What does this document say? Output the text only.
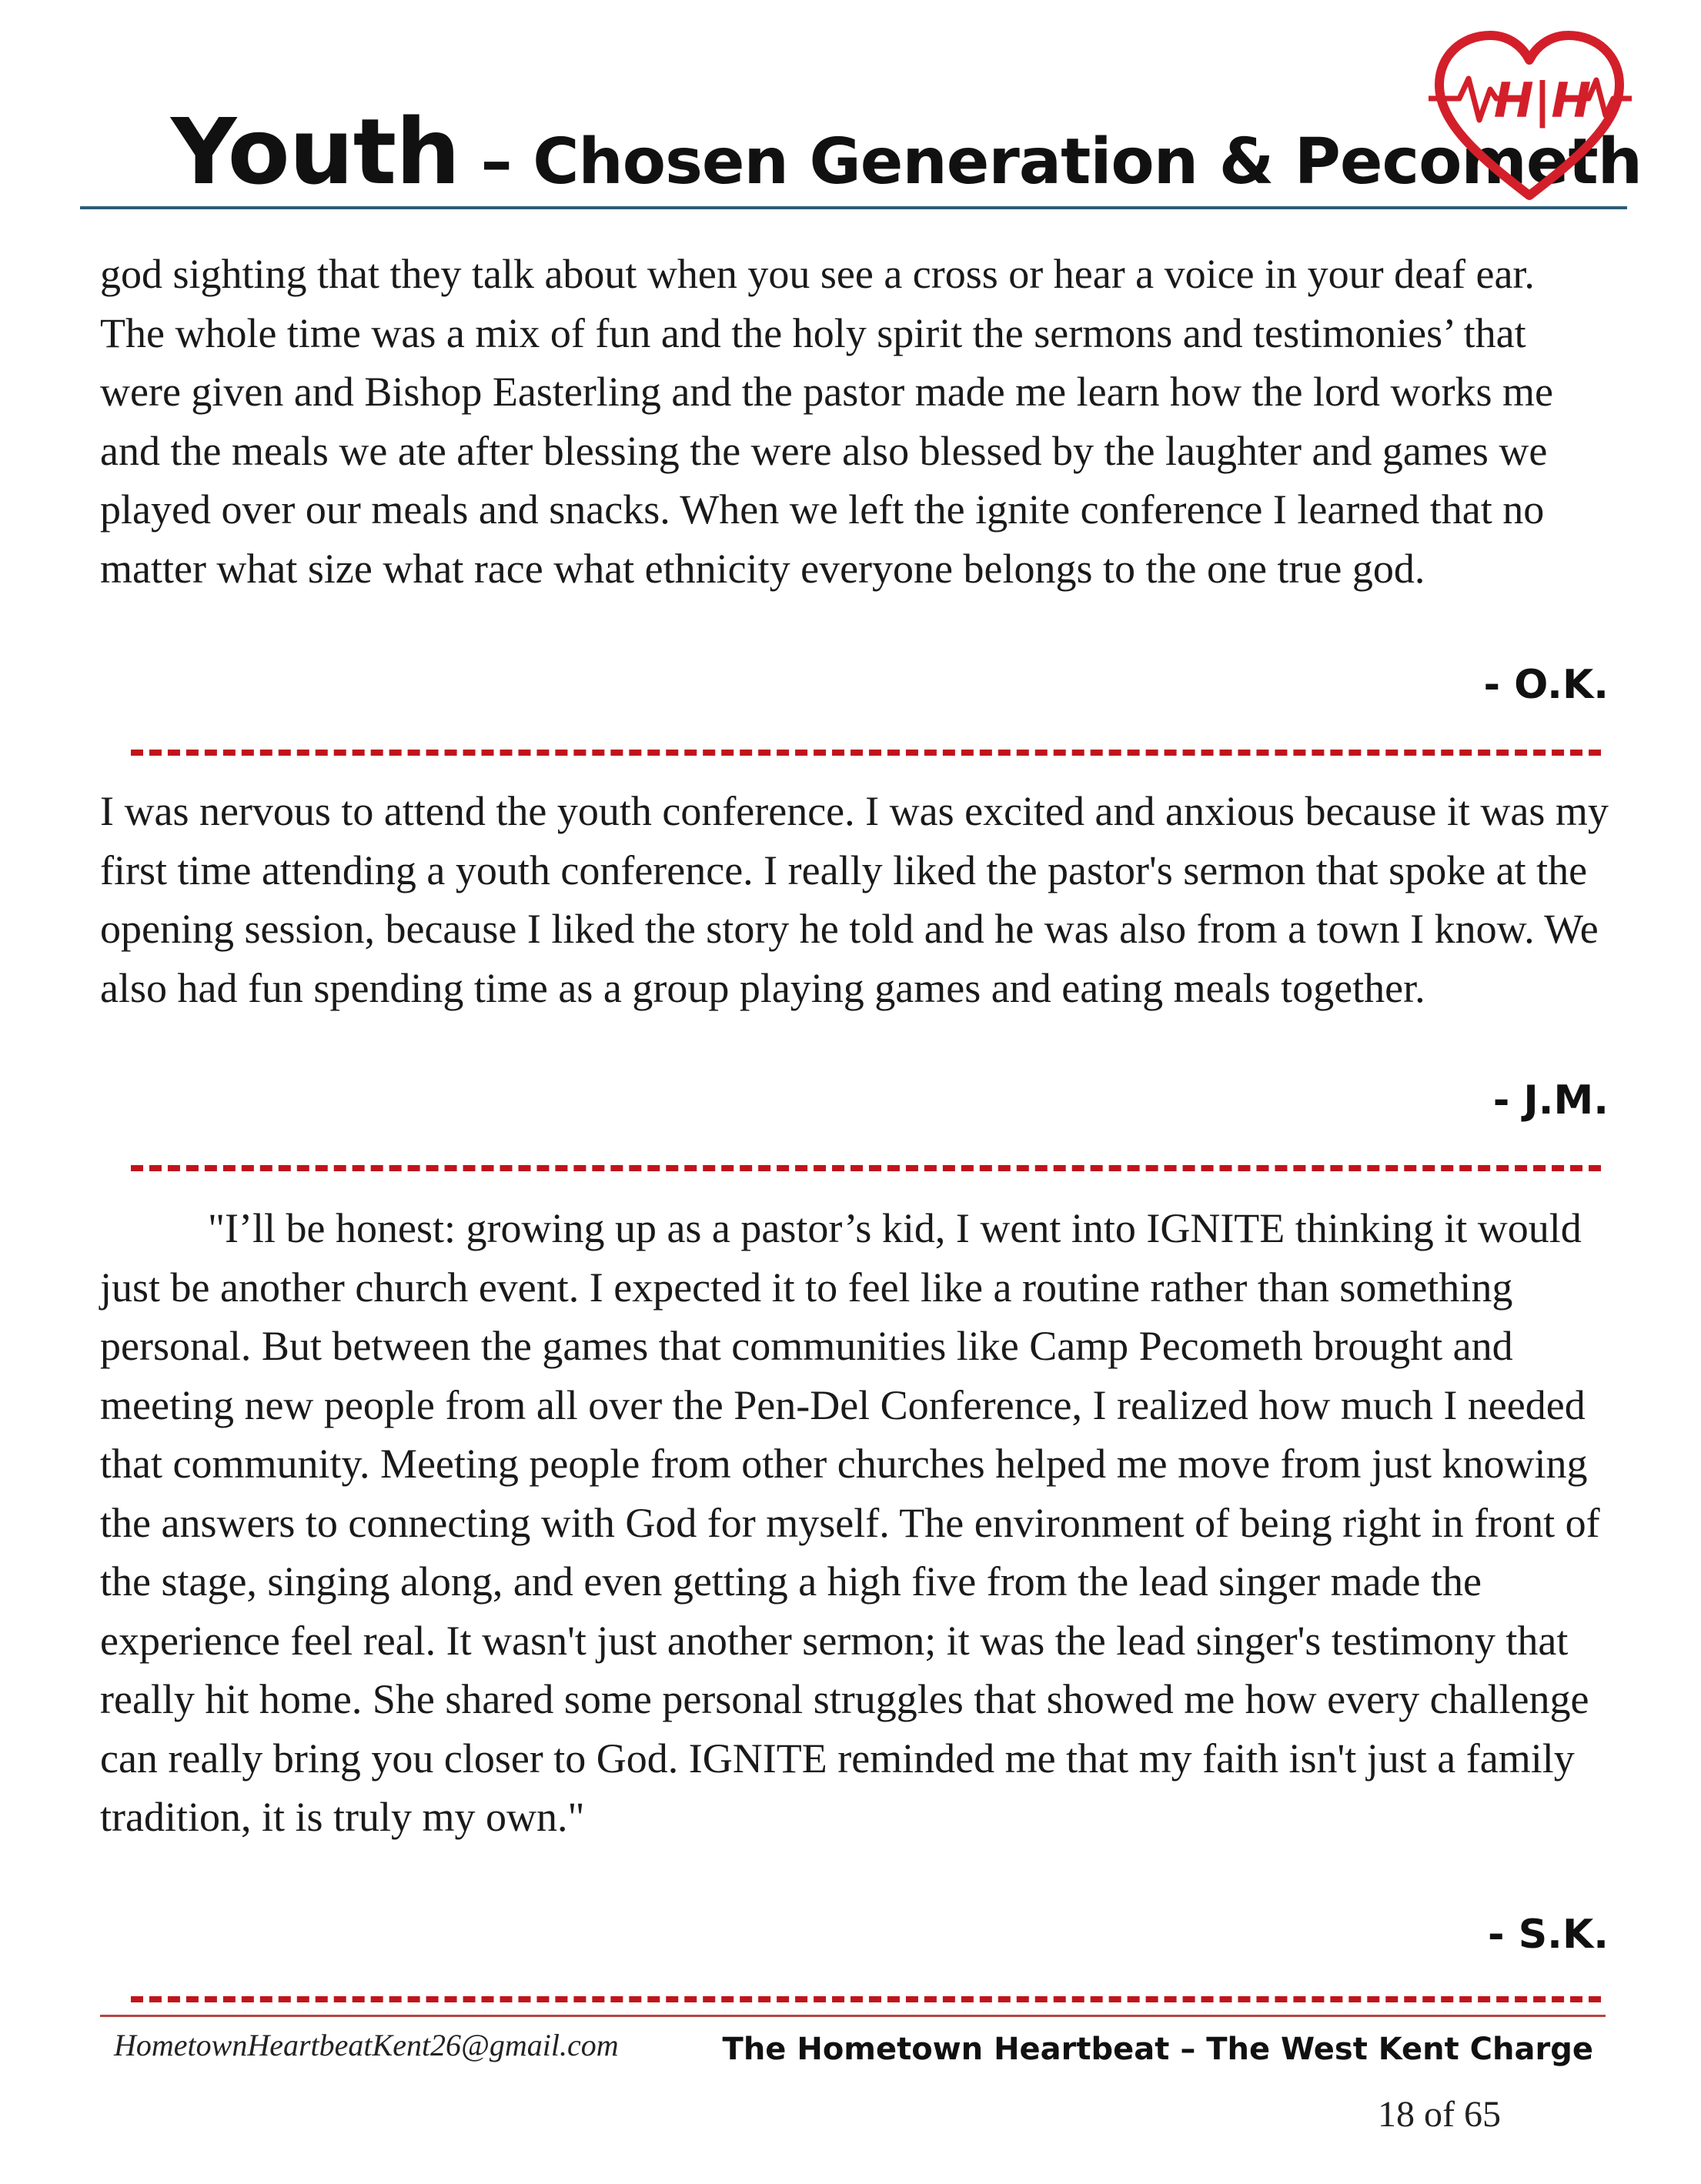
Youth – Chosen Generation & Pecometh
H|H

god sighting that they talk about when you see a cross or hear a voice in your deaf ear. The whole time was a mix of fun and the holy spirit the sermons and testimonies’ that were given and Bishop Easterling and the pastor made me learn how the lord works me and the meals we ate after blessing the were also blessed by the laughter and games we played over our meals and snacks. When we left the ignite conference I learned that no matter what size what race what ethnicity everyone belongs to the one true god.

- O.K.

I was nervous to attend the youth conference. I was excited and anxious because it was my first time attending a youth conference. I really liked the pastor's sermon that spoke at the opening session, because I liked the story he told and he was also from a town I know. We also had fun spending time as a group playing games and eating meals together.

- J.M.

"I’ll be honest: growing up as a pastor’s kid, I went into IGNITE thinking it would just be another church event. I expected it to feel like a routine rather than something personal. But between the games that communities like Camp Pecometh brought and meeting new people from all over the Pen-Del Conference, I realized how much I needed that community. Meeting people from other churches helped me move from just knowing the answers to connecting with God for myself. The environment of being right in front of the stage, singing along, and even getting a high five from the lead singer made the experience feel real. It wasn't just another sermon; it was the lead singer's testimony that really hit home. She shared some personal struggles that showed me how every challenge can really bring you closer to God. IGNITE reminded me that my faith isn't just a family tradition, it is truly my own."

- S.K.
HometownHeartbeatKent26@gmail.com	The Hometown Heartbeat – The West Kent Charge
18 of 65
